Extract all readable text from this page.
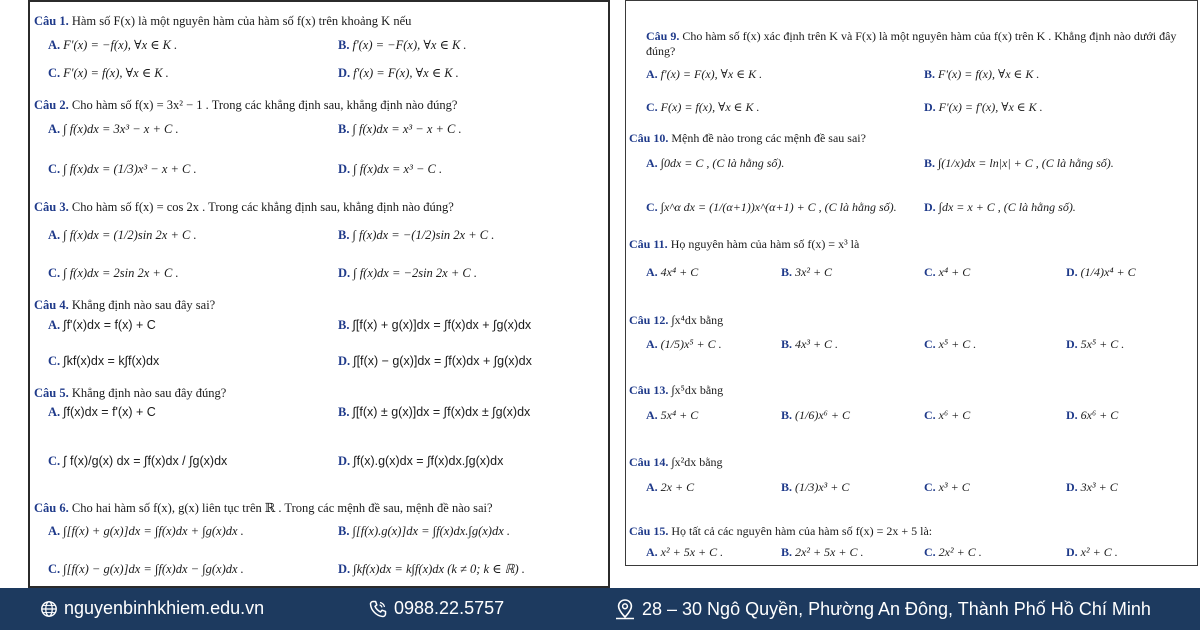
Câu 1. Hàm số F(x) là một nguyên hàm của hàm số f(x) trên khoảng K nếu
A. F'(x) = −f(x), ∀x ∈ K .	B. f'(x) = −F(x), ∀x ∈ K .
C. F'(x) = f(x), ∀x ∈ K .	D. f'(x) = F(x), ∀x ∈ K .
Câu 2. Cho hàm số f(x) = 3x² − 1 . Trong các khẳng định sau, khẳng định nào đúng?
A. ∫ f(x)dx = 3x³ − x + C .	B. ∫ f(x)dx = x³ − x + C .
C. ∫ f(x)dx = (1/3)x³ − x + C .	D. ∫ f(x)dx = x³ − C .
Câu 3. Cho hàm số f(x) = cos 2x . Trong các khẳng định sau, khẳng định nào đúng?
A. ∫ f(x)dx = (1/2)sin 2x + C .	B. ∫ f(x)dx = −(1/2)sin 2x + C .
C. ∫ f(x)dx = 2sin 2x + C .	D. ∫ f(x)dx = −2sin 2x + C .
Câu 4. Khẳng định nào sau đây sai?
A. ∫f'(x)dx = f(x) + C	B. ∫[f(x) + g(x)]dx = ∫f(x)dx + ∫g(x)dx
C. ∫kf(x)dx = k∫f(x)dx	D. ∫[f(x) − g(x)]dx = ∫f(x)dx + ∫g(x)dx
Câu 5. Khẳng định nào sau đây đúng?
A. ∫f(x)dx = f'(x) + C	B. ∫[f(x) ± g(x)]dx = ∫f(x)dx ± ∫g(x)dx
C. ∫ f(x)/g(x) dx = ∫f(x)dx / ∫g(x)dx	D. ∫f(x).g(x)dx = ∫f(x)dx.∫g(x)dx
Câu 6. Cho hai hàm số f(x), g(x) liên tục trên ℝ . Trong các mệnh đề sau, mệnh đề nào sai?
A. ∫[f(x) + g(x)]dx = ∫f(x)dx + ∫g(x)dx .	B. ∫[f(x).g(x)]dx = ∫f(x)dx.∫g(x)dx .
C. ∫[f(x) − g(x)]dx = ∫f(x)dx − ∫g(x)dx .	D. ∫kf(x)dx = k∫f(x)dx (k ≠ 0; k ∈ ℝ) .
Câu 9. Cho hàm số f(x) xác định trên K và F(x) là một nguyên hàm của f(x) trên K . Khẳng định nào dưới đây đúng?
A. f'(x) = F(x), ∀x ∈ K .	B. F'(x) = f(x), ∀x ∈ K .
C. F(x) = f(x), ∀x ∈ K .	D. F'(x) = f'(x), ∀x ∈ K .
Câu 10. Mệnh đề nào trong các mệnh đề sau sai?
A. ∫0dx = C , (C là hằng số).	B. ∫(1/x)dx = ln|x| + C , (C là hằng số).
C. ∫x^α dx = (1/(α+1))x^(α+1) + C , (C là hằng số). D. ∫dx = x + C , (C là hằng số).
Câu 11. Họ nguyên hàm của hàm số f(x) = x³ là
A. 4x⁴ + C	B. 3x² + C	C. x⁴ + C	D. (1/4)x⁴ + C
Câu 12. ∫x⁴dx bằng
A. (1/5)x⁵ + C .	B. 4x³ + C .	C. x⁵ + C .	D. 5x⁵ + C .
Câu 13. ∫x⁵dx bằng
A. 5x⁴ + C	B. (1/6)x⁶ + C	C. x⁶ + C	D. 6x⁶ + C
Câu 14. ∫x²dx bằng
A. 2x + C	B. (1/3)x³ + C	C. x³ + C	D. 3x³ + C
Câu 15. Họ tất cả các nguyên hàm của hàm số f(x) = 2x + 5 là:
A. x² + 5x + C .	B. 2x² + 5x + C .	C. 2x² + C .	D. x² + C .
nguyenbinhkhiem.edu.vn	0988.22.5757	28 – 30 Ngô Quyền, Phường An Đông, Thành Phố Hồ Chí Minh
